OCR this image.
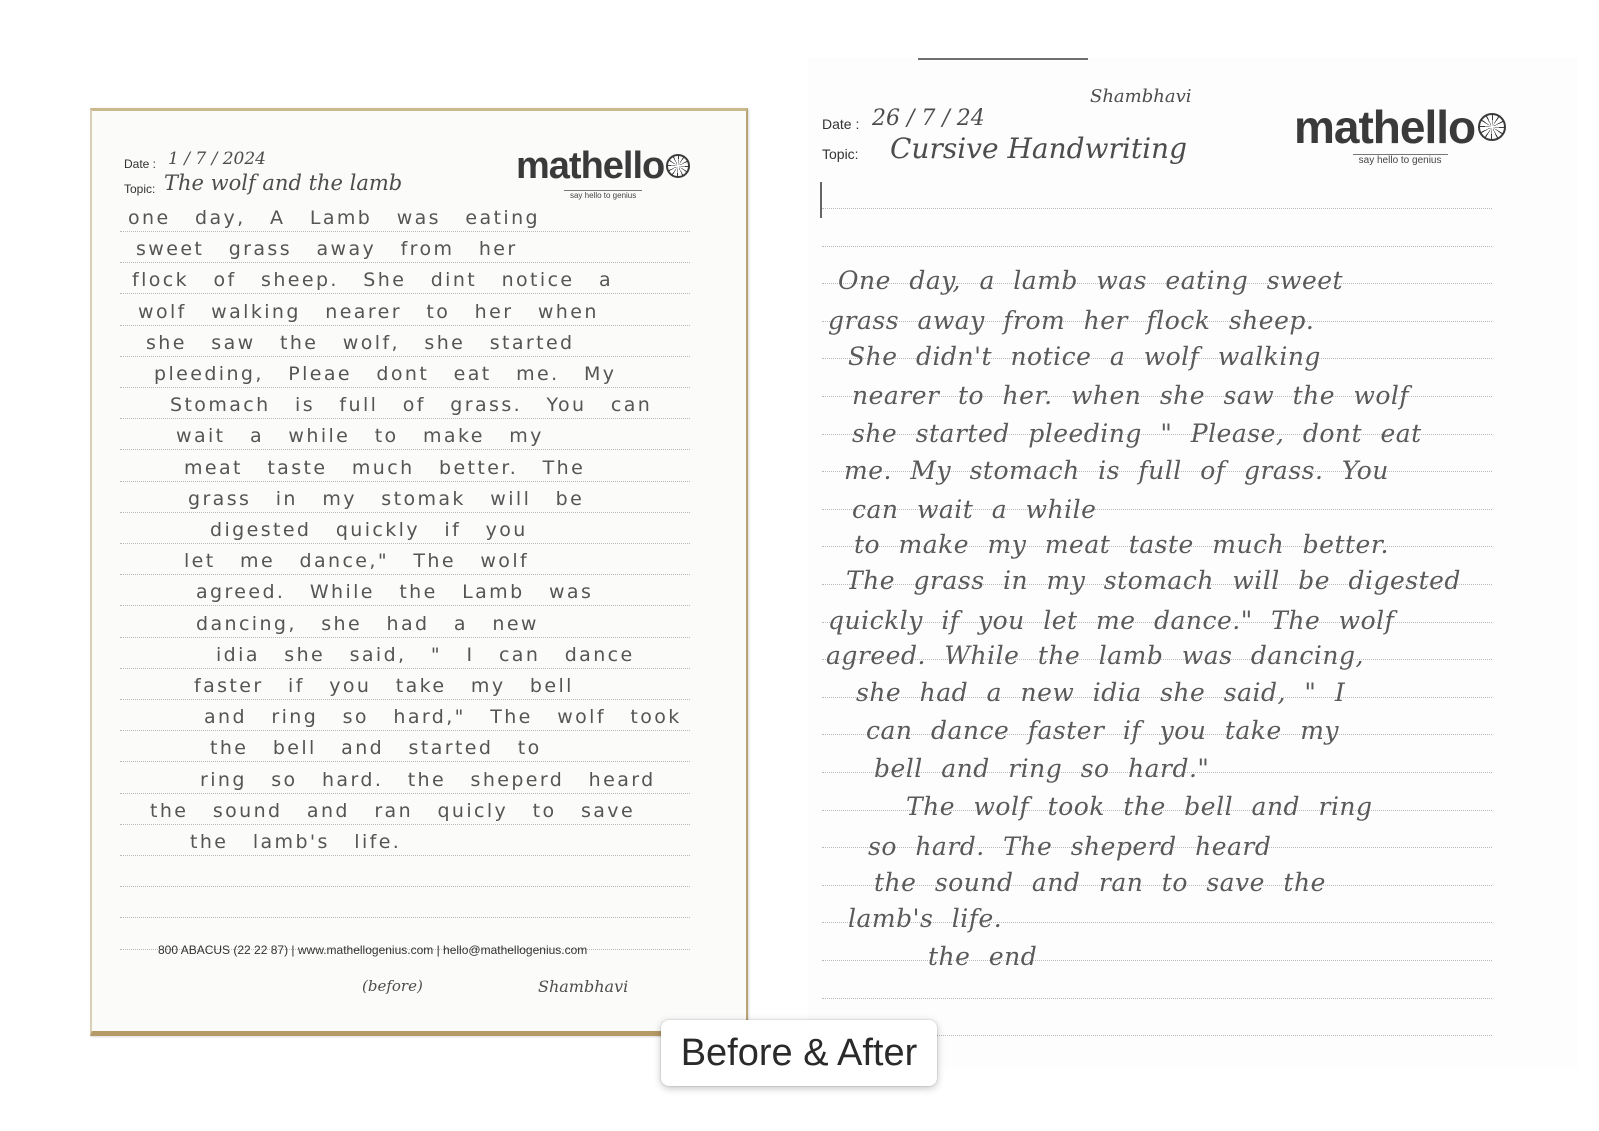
Date : 1 / 7 / 2024
Topic: The wolf and the lamb	mathello
say hello to genius
one day, A Lamb was eating
sweet grass away from her
flock of sheep. She dint notice a
wolf walking nearer to her when
she saw the wolf, she started
pleeding, Pleae dont eat me. My
Stomach is full of grass. You can
wait a while to make my
meat taste much better. The
grass in my stomak will be
digested quickly if you
let me dance," The wolf
agreed. While the Lamb was
dancing, she had a new
idia she said, " I can dance
faster if you take my bell
and ring so hard," The wolf took
the bell and started to
ring so hard. the sheperd heard
the sound and ran quicly to save
the lamb's life.
800 ABACUS (22 22 87) | www.mathellogenius.com | hello@mathellogenius.com
(before)	Shambhavi
Shambhavi
Date : 26 / 7 / 24
Topic: Cursive Handwriting mathello
say hello to genius
One day, a lamb was eating sweet
grass away from her flock sheep.
She didn't notice a wolf walking
nearer to her. when she saw the wolf
she started pleeding " Please, dont eat
me. My stomach is full of grass. You
can wait a while
to make my meat taste much better.
The grass in my stomach will be digested
quickly if you let me dance." The wolf
agreed. While the lamb was dancing,
she had a new idia she said, " I
can dance faster if you take my
bell and ring so hard."
The wolf took the bell and ring
so hard. The sheperd heard
the sound and ran to save the
lamb's life.
the end
Before & After
